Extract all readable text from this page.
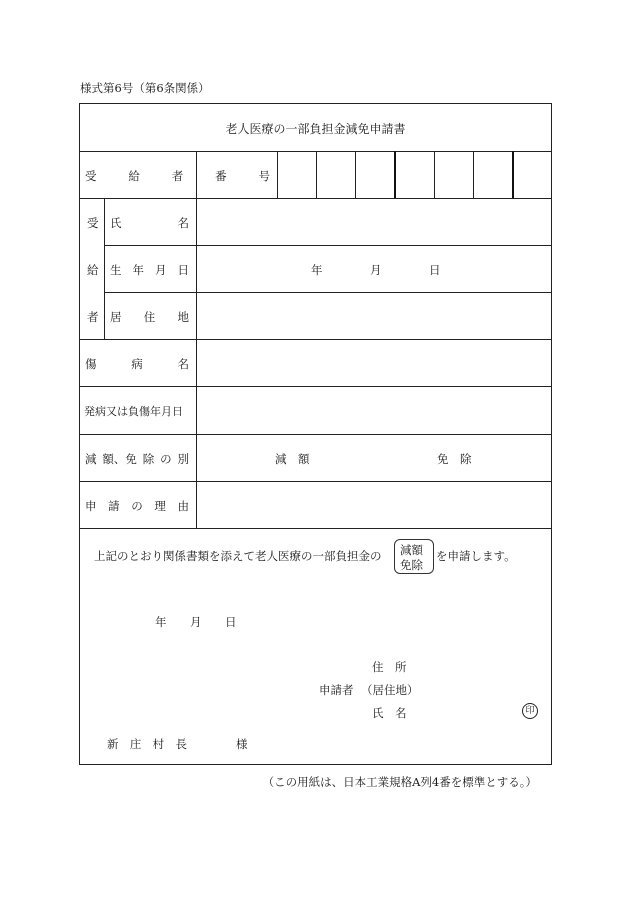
様式第6号（第6条関係）
老人医療の一部負担金減免申請書
受	給	者	番	号
受
給
者
氏	名
生 年 月 日	年	月	日
居 住 地
傷	病	名
発病又は負傷年月日
減 額、免 除 の 別	減　額	免　除
申 請 の 理 由
上記のとおり関係書類を添えて老人医療の一部負担金の 減額
免除
を申請します。
年 月 日
住　所
申請者 （居住地）
氏　名	印
新 庄 村 長	様
（この用紙は、日本工業規格A列4番を標準とする。）
